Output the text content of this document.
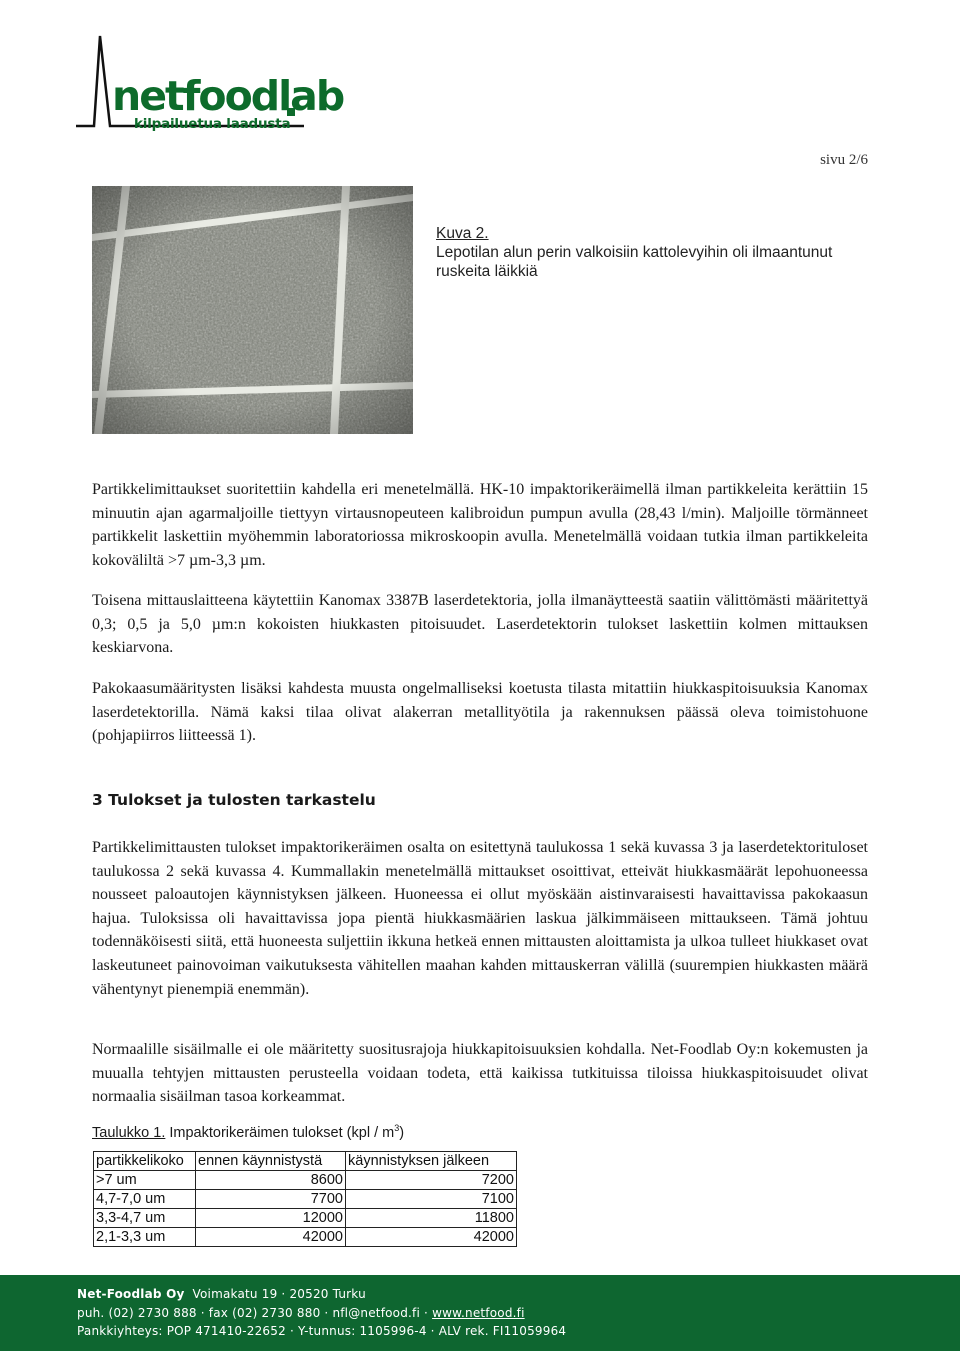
netfoodlab
kilpailuetua laadusta
sivu 2/6
Kuva 2.
Lepotilan alun perin valkoisiin kattolevyihin oli ilmaantunut ruskeita läikkiä

Partikkelimittaukset suoritettiin kahdella eri menetelmällä. HK-10 impaktorikeräimellä ilman partikkeleita kerättiin 15 minuutin ajan agarmaljoille tiettyyn virtausnopeuteen kalibroidun pumpun avulla (28,43 l/min). Maljoille törmänneet partikkelit laskettiin myöhemmin laboratoriossa mikroskoopin avulla. Menetelmällä voidaan tutkia ilman partikkeleita kokoväliltä >7 µm-3,3 µm.

Toisena mittauslaitteena käytettiin Kanomax 3387B laserdetektoria, jolla ilmanäytteestä saatiin välittömästi määritettyä 0,3; 0,5 ja 5,0 µm:n kokoisten hiukkasten pitoisuudet. Laserdetektorin tulokset laskettiin kolmen mittauksen keskiarvona.

Pakokaasumääritysten lisäksi kahdesta muusta ongelmalliseksi koetusta tilasta mitattiin hiukkaspitoisuuksia Kanomax laserdetektorilla. Nämä kaksi tilaa olivat alakerran metallityötila ja rakennuksen päässä oleva toimistohuone (pohjapiirros liitteessä 1).

3 Tulokset ja tulosten tarkastelu

Partikkelimittausten tulokset impaktorikeräimen osalta on esitettynä taulukossa 1 sekä kuvassa 3 ja laserdetektorituloset taulukossa 2 sekä kuvassa 4. Kummallakin menetelmällä mittaukset osoittivat, etteivät hiukkasmäärät lepohuoneessa nousseet paloautojen käynnistyksen jälkeen. Huoneessa ei ollut myöskään aistinvaraisesti havaittavissa pakokaasun hajua. Tuloksissa oli havaittavissa jopa pientä hiukkasmäärien laskua jälkimmäiseen mittaukseen. Tämä johtuu todennäköisesti siitä, että huoneesta suljettiin ikkuna hetkeä ennen mittausten aloittamista ja ulkoa tulleet hiukkaset ovat laskeutuneet painovoiman vaikutuksesta vähitellen maahan kahden mittauskerran välillä (suurempien hiukkasten määrä vähentynyt pienempiä enemmän).

Normaalille sisäilmalle ei ole määritetty suositusrajoja hiukkapitoisuuksien kohdalla. Net-Foodlab Oy:n kokemusten ja muualla tehtyjen mittausten perusteella voidaan todeta, että kaikissa tutkituissa tiloissa hiukkaspitoisuudet olivat normaalia sisäilman tasoa korkeammat.

Taulukko 1. Impaktorikeräimen tulokset $(kpl / m^3)$
partikkelikoko	ennen käynnistystä	käynnistyksen jälkeen
>7 um	8600	7200
4,7-7,0 um	7700	7100
3,3-4,7 um	12000	11800
2,1-3,3 um	42000	42000
Net-Foodlab Oy Voimakatu 19 · 20520 Turku
puh. (02) 2730 888 · fax (02) 2730 880 · nfl@netfood.fi · www.netfood.fi
Pankkiyhteys: POP 471410-22652 · Y-tunnus: 1105996-4 · ALV rek. FI11059964
